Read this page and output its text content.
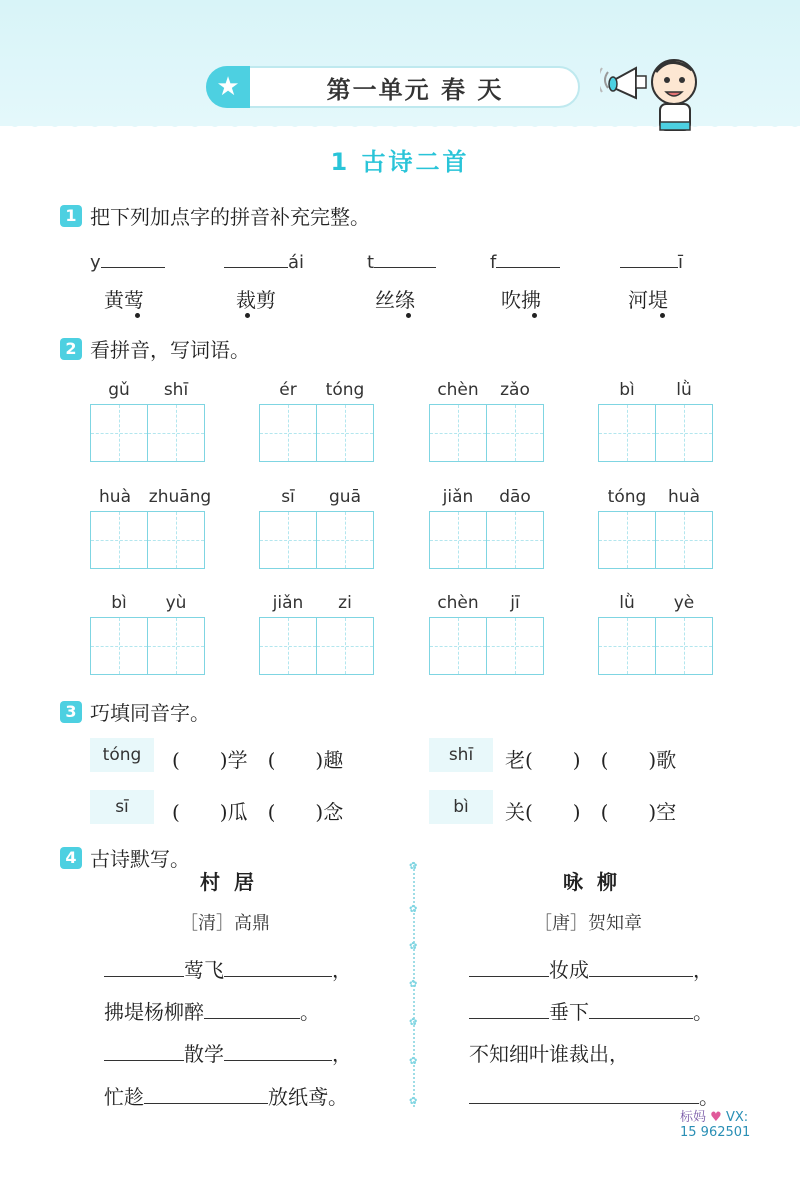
★	第一单元 春 天
1 古诗二首
1 把下列加点字的拼音补充完整。
y	ái	t	f	ī
黄莺	裁剪	丝绦	吹拂	河堤
2 看拼音，写词语。
gǔ	shī	ér	tóng	chèn	zǎo	bì	lǜ
huà	zhuāng	sī	guā	jiǎn	dāo	tóng	huà
bì	yù	jiǎn	zi	chèn	jī	lǜ	yè
3 巧填同音字。
tóng	(　　)学　(　　)趣	shī	老(　　)　(　　)歌
sī	(　　)瓜　(　　)念	bì	关(　　)　(　　)空
4 古诗默写。
村居
［清］高鼎
莺飞	，
拂堤杨柳醉	。
散学	，
忙趁	放纸鸢。
✿
✿
✿
✿
✿
✿
✿
咏柳
［唐］贺知章
妆成	，
垂下	。
不知细叶谁裁出，
。
标妈 ♥ VX:
15 962501
